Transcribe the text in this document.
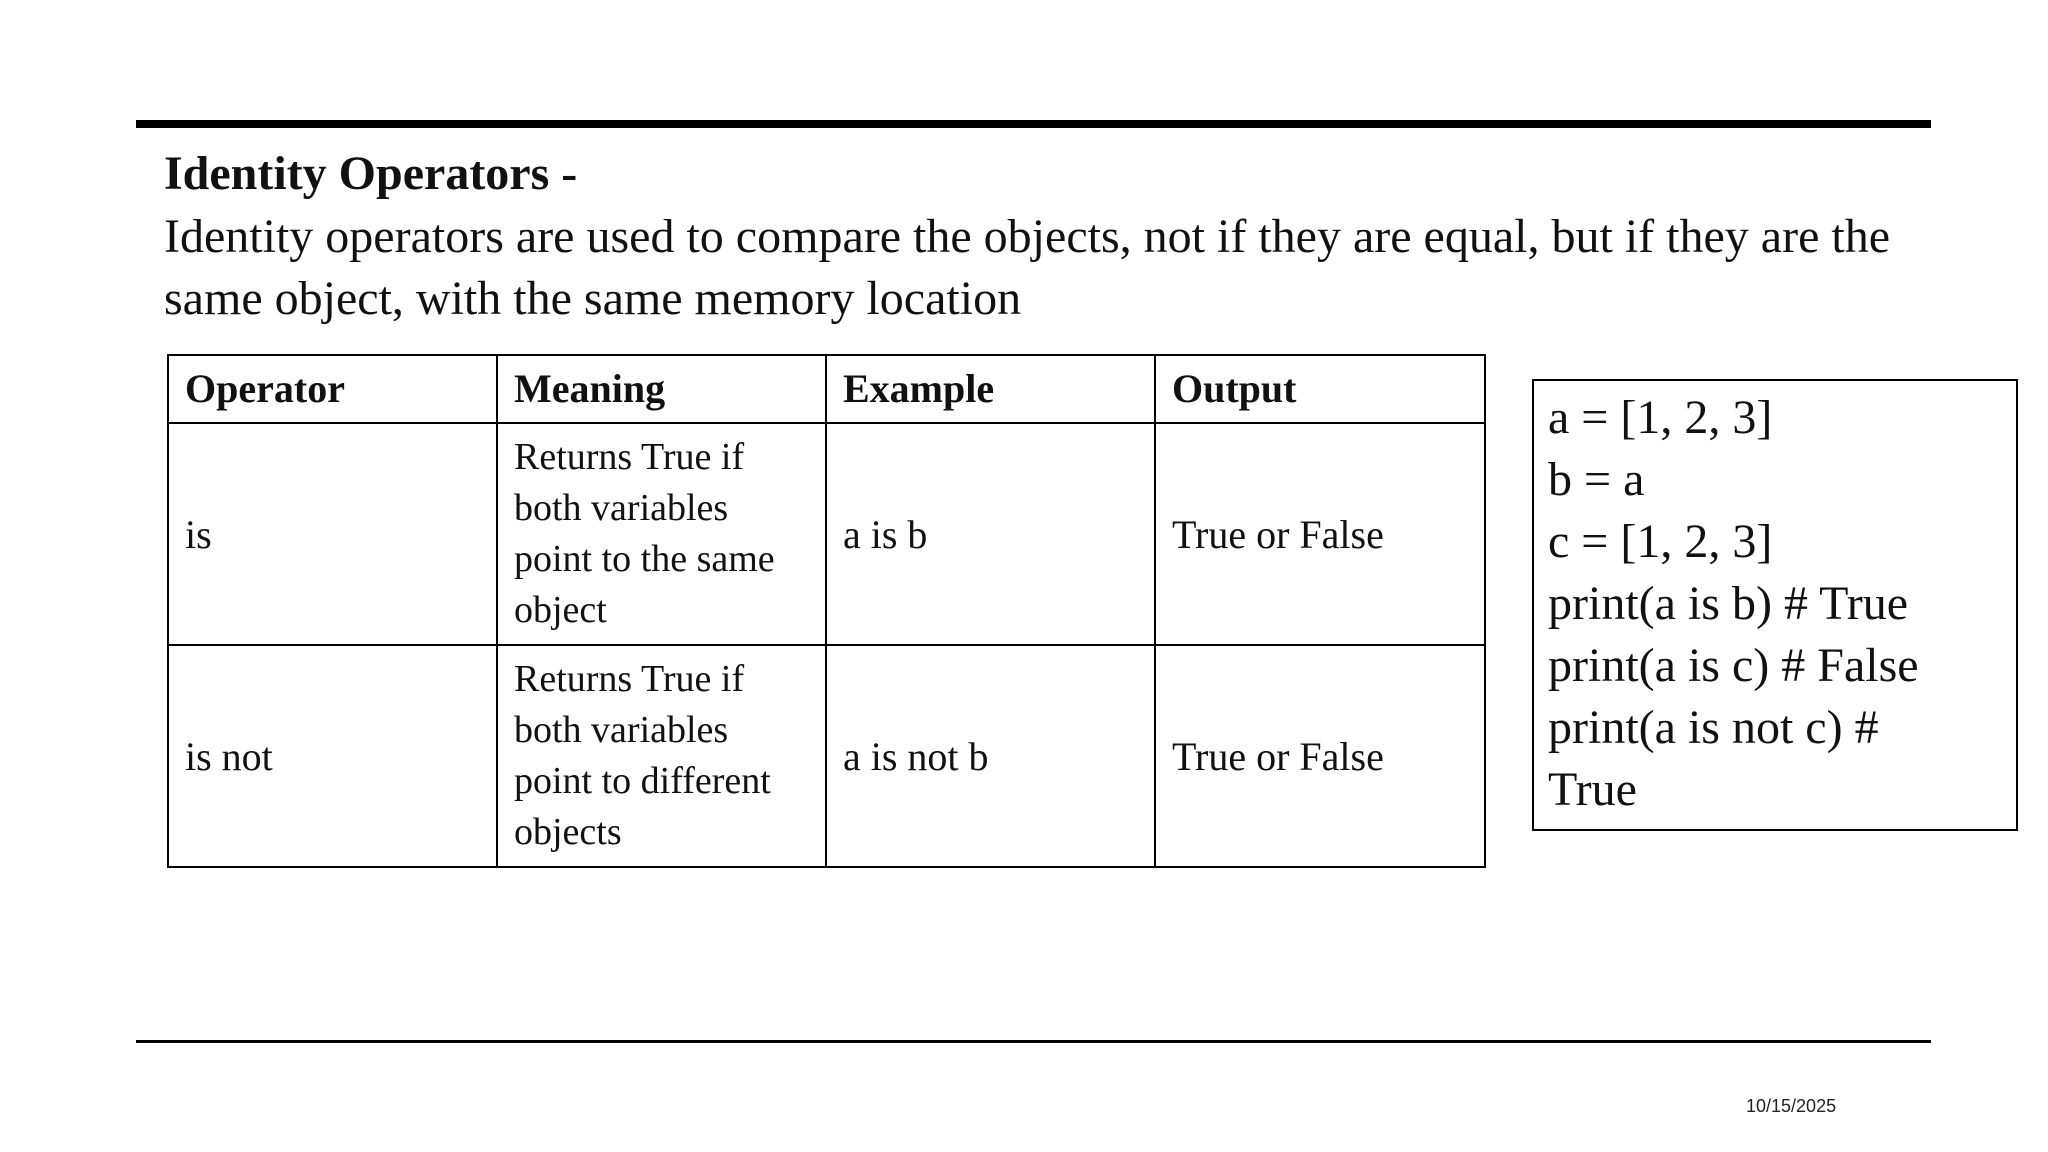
Identity Operators -
Identity operators are used to compare the objects, not if they are equal, but if they are the same object, with the same memory location
Operator	Meaning	Example	Output
is	Returns True if both variables point to the same object	a is b	True or False
is not	Returns True if both variables point to different objects	a is not b	True or False
a = [1, 2, 3]
b = a
c = [1, 2, 3]
print(a is b) # True
print(a is c) # False
print(a is not c) #
True
10/15/2025
